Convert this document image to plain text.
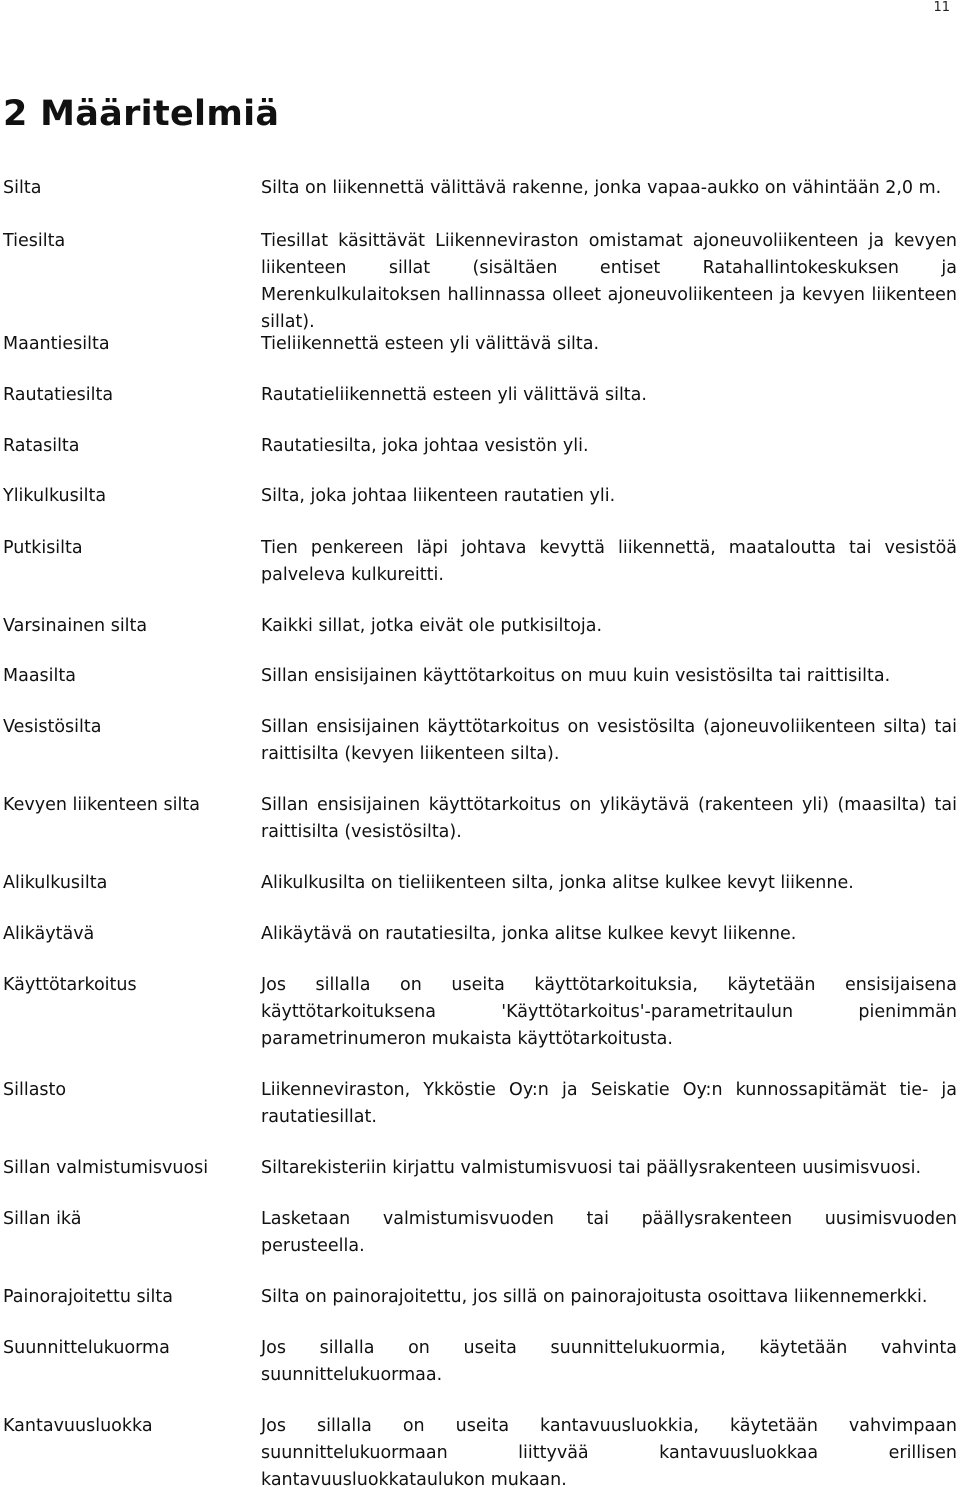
11
2 Määritelmiä
Silta	Silta on liikennettä välittävä rakenne, jonka vapaa-aukko on vähintään 2,0 m.

Tiesilta	Tiesillat käsittävät Liikenneviraston omistamat ajoneuvoliikenteen ja kevyen liikenteen sillat (sisältäen entiset Ratahallintokeskuksen ja Merenkulkulaitoksen hallinnassa olleet ajoneuvoliikenteen ja kevyen liikenteen sillat).

Maantiesilta	Tieliikennettä esteen yli välittävä silta.

Rautatiesilta	Rautatieliikennettä esteen yli välittävä silta.

Ratasilta	Rautatiesilta, joka johtaa vesistön yli.

Ylikulkusilta	Silta, joka johtaa liikenteen rautatien yli.

Putkisilta	Tien penkereen läpi johtava kevyttä liikennettä, maataloutta tai vesistöä palveleva kulkureitti.

Varsinainen silta	Kaikki sillat, jotka eivät ole putkisiltoja.

Maasilta	Sillan ensisijainen käyttötarkoitus on muu kuin vesistösilta tai raittisilta.

Vesistösilta	Sillan ensisijainen käyttötarkoitus on vesistösilta (ajoneuvoliikenteen silta) tai raittisilta (kevyen liikenteen silta).

Kevyen liikenteen silta	Sillan ensisijainen käyttötarkoitus on ylikäytävä (rakenteen yli) (maasilta) tai raittisilta (vesistösilta).

Alikulkusilta	Alikulkusilta on tieliikenteen silta, jonka alitse kulkee kevyt liikenne.

Alikäytävä	Alikäytävä on rautatiesilta, jonka alitse kulkee kevyt liikenne.

Käyttötarkoitus	Jos sillalla on useita käyttötarkoituksia, käytetään ensisijaisena käyttötarkoituksena 'Käyttötarkoitus'-parametritaulun pienimmän parametrinumeron mukaista käyttötarkoitusta.

Sillasto	Liikenneviraston, Ykköstie Oy:n ja Seiskatie Oy:n kunnossapitämät tie- ja rautatiesillat.

Sillan valmistumisvuosi	Siltarekisteriin kirjattu valmistumisvuosi tai päällysrakenteen uusimisvuosi.

Sillan ikä	Lasketaan valmistumisvuoden tai päällysrakenteen uusimisvuoden perusteella.

Painorajoitettu silta	Silta on painorajoitettu, jos sillä on painorajoitusta osoittava liikennemerkki.

Suunnittelukuorma	Jos sillalla on useita suunnittelukuormia, käytetään vahvinta suunnittelukuormaa.

Kantavuusluokka	Jos sillalla on useita kantavuusluokkia, käytetään vahvimpaan suunnittelukuormaan liittyvää kantavuusluokkaa erillisen kantavuusluokkataulukon mukaan.
